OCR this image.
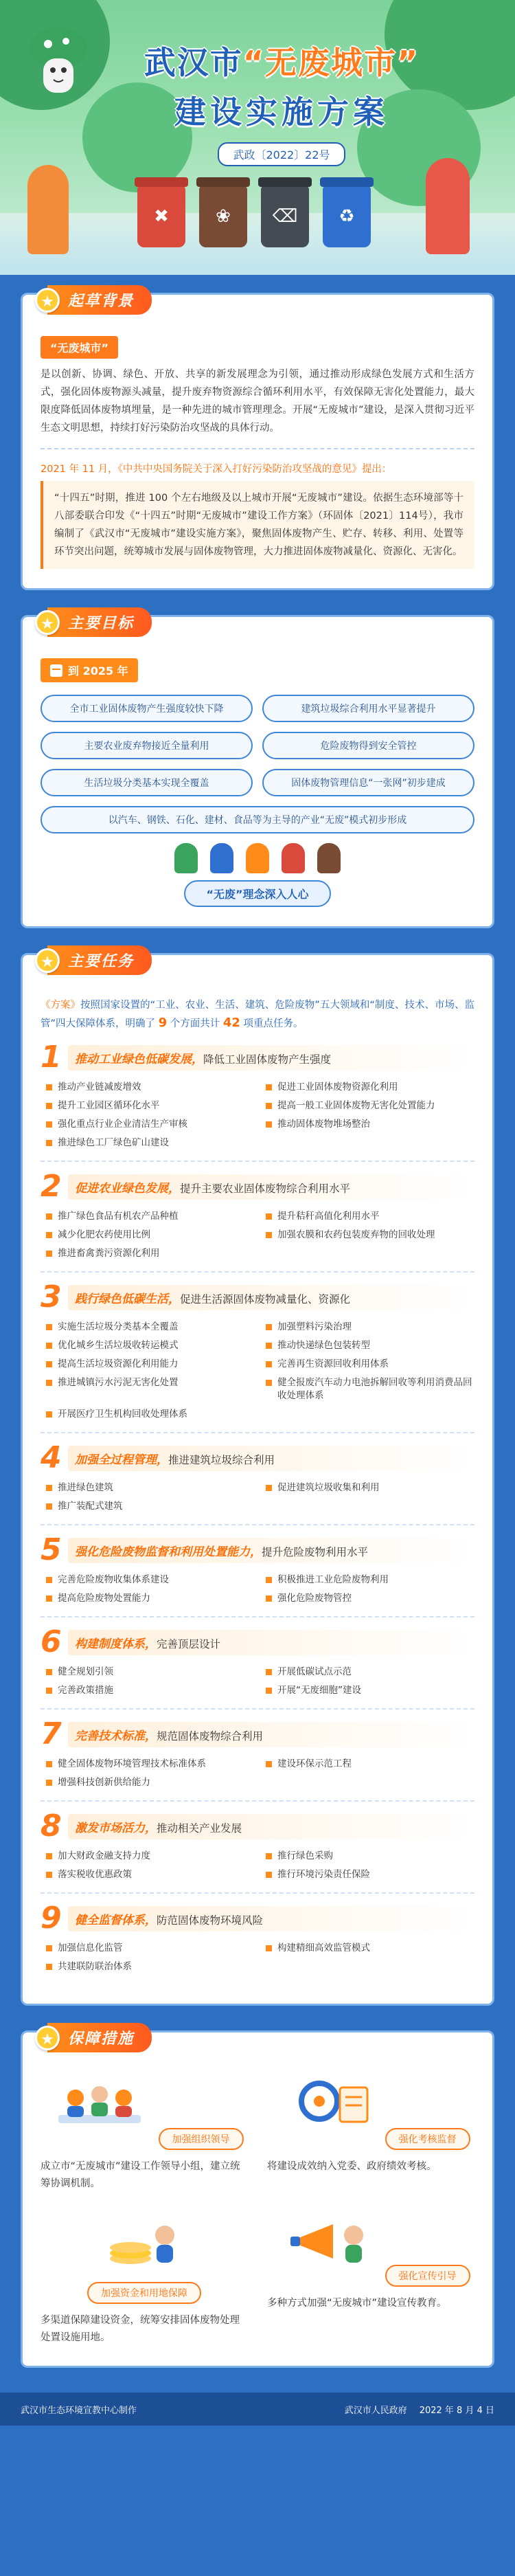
武汉市“无废城市”
建设实施方案
武政〔2022〕22号
✖	❀	⌫	♻
★ 起草背景
“无废城市”

是以创新、协调、绿色、开放、共享的新发展理念为引领，通过推动形成绿色发展方式和生活方式，强化固体废物源头减量，提升废弃物资源综合循环利用水平，有效保障无害化处置能力，最大限度降低固体废物填埋量，是一种先进的城市管理理念。开展“无废城市”建设，是深入贯彻习近平生态文明思想，持续打好污染防治攻坚战的具体行动。

2021 年 11 月，《中共中央国务院关于深入打好污染防治攻坚战的意见》提出：

“十四五”时期，推进 100 个左右地级及以上城市开展“无废城市”建设。依据生态环境部等十八部委联合印发《“十四五”时期“无废城市”建设工作方案》（环固体〔2021〕114号），我市编制了《武汉市“无废城市”建设实施方案》，聚焦固体废物产生、贮存、转移、利用、处置等环节突出问题，统筹城市发展与固体废物管理，大力推进固体废物减量化、资源化、无害化。

★ 主要目标
到 2025 年
全市工业固体废物产生强度较快下降	建筑垃圾综合利用水平显著提升
主要农业废弃物接近全量利用	危险废物得到安全管控
生活垃圾分类基本实现全覆盖	固体废物管理信息“一张网”初步建成
以汽车、钢铁、石化、建材、食品等为主导的产业“无废”模式初步形成
“无废”理念深入人心
★ 主要任务

《方案》按照国家设置的“工业、农业、生活、建筑、危险废物”五大领域和“制度、技术、市场、监管”四大保障体系，明确了 9 个方面共计 42 项重点任务。

1	推动工业绿色低碳发展，降低工业固体废物产生强度
推动产业链减废增效	促进工业固体废物资源化利用
提升工业园区循环化水平	提高一般工业固体废物无害化处置能力
强化重点行业企业清洁生产审核	推动固体废物堆场整治
推进绿色工厂绿色矿山建设
2	促进农业绿色发展，提升主要农业固体废物综合利用水平
推广绿色食品有机农产品种植	提升秸秆高值化利用水平
减少化肥农药使用比例	加强农膜和农药包装废弃物的回收处理
推进畜禽粪污资源化利用
3	践行绿色低碳生活，促进生活源固体废物减量化、资源化
实施生活垃圾分类基本全覆盖	加强塑料污染治理
优化城乡生活垃圾收转运模式	推动快递绿色包装转型
提高生活垃圾资源化利用能力	完善再生资源回收利用体系
推进城镇污水污泥无害化处置	健全报废汽车动力电池拆解回收等利用消费品回收处理体系
开展医疗卫生机构回收处理体系
4	加强全过程管理，推进建筑垃圾综合利用
推进绿色建筑	促进建筑垃圾收集和利用
推广装配式建筑
5	强化危险废物监督和利用处置能力，提升危险废物利用水平
完善危险废物收集体系建设	积极推进工业危险废物利用
提高危险废物处置能力	强化危险废物管控
6	构建制度体系，完善顶层设计
健全规划引领	开展低碳试点示范
完善政策措施	开展“无废细胞”建设
7	完善技术标准，规范固体废物综合利用
健全固体废物环境管理技术标准体系	建设环保示范工程
增强科技创新供给能力
8	激发市场活力，推动相关产业发展
加大财政金融支持力度	推行绿色采购
落实税收优惠政策	推行环境污染责任保险
9	健全监督体系，防范固体废物环境风险
加强信息化监管	构建精细高效监管模式
共建联防联治体系
★ 保障措施
加强组织领导

成立市“无废城市”建设工作领导小组，建立统筹协调机制。

强化考核监督

将建设成效纳入党委、政府绩效考核。

加强资金和用地保障

多渠道保障建设资金，统筹安排固体废物处理处置设施用地。

强化宣传引导

多种方式加强“无废城市”建设宣传教育。

武汉市生态环境宣教中心制作	武汉市人民政府 2022 年 8 月 4 日
